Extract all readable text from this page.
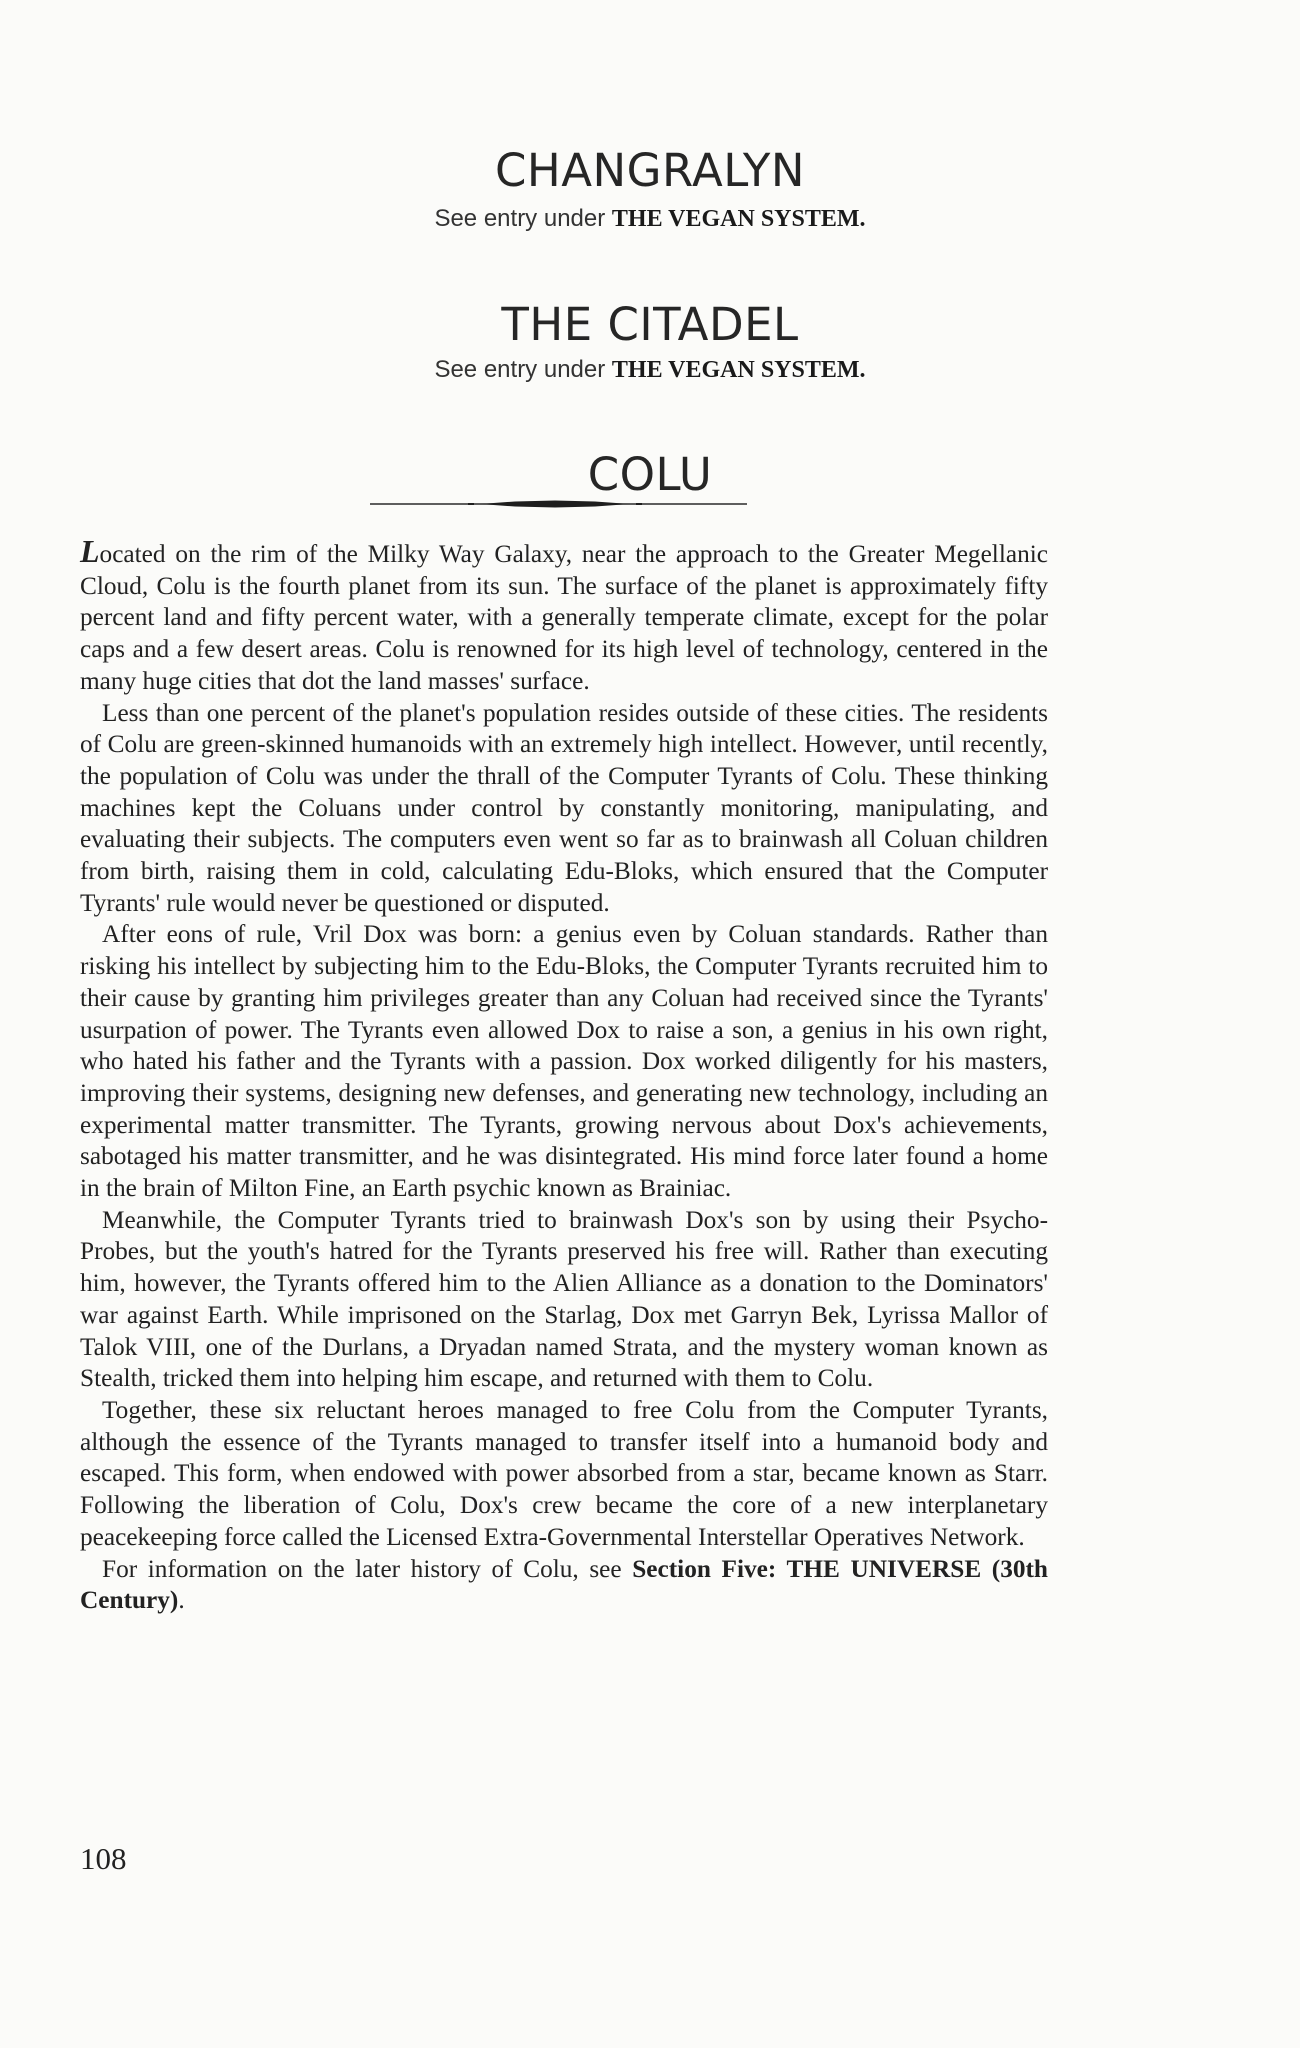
CHANGRALYN
See entry under THE VEGAN SYSTEM.
THE CITADEL
See entry under THE VEGAN SYSTEM.
COLU

Located on the rim of the Milky Way Galaxy, near the approach to the Greater Megellanic Cloud, Colu is the fourth planet from its sun. The surface of the planet is approximately fifty percent land and fifty percent water, with a generally temperate climate, except for the polar caps and a few desert areas. Colu is renowned for its high level of technology, centered in the many huge cities that dot the land masses' surface.

Less than one percent of the planet's population resides outside of these cities. The residents of Colu are green-skinned humanoids with an extremely high intellect. However, until recently, the population of Colu was under the thrall of the Computer Tyrants of Colu. These thinking machines kept the Coluans under control by constantly monitoring, manipulating, and evaluating their subjects. The computers even went so far as to brainwash all Coluan children from birth, raising them in cold, calculating Edu-Bloks, which ensured that the Computer Tyrants' rule would never be questioned or disputed.

After eons of rule, Vril Dox was born: a genius even by Coluan standards. Rather than risking his intellect by subjecting him to the Edu-Bloks, the Computer Tyrants recruited him to their cause by granting him privileges greater than any Coluan had received since the Tyrants' usurpation of power. The Tyrants even allowed Dox to raise a son, a genius in his own right, who hated his father and the Tyrants with a passion. Dox worked diligently for his masters, improving their systems, designing new defenses, and generating new technology, including an experimental matter transmitter. The Tyrants, growing nervous about Dox's achievements, sabotaged his matter transmitter, and he was disintegrated. His mind force later found a home in the brain of Milton Fine, an Earth psychic known as Brainiac.

Meanwhile, the Computer Tyrants tried to brainwash Dox's son by using their Psycho-Probes, but the youth's hatred for the Tyrants preserved his free will. Rather than executing him, however, the Tyrants offered him to the Alien Alliance as a donation to the Dominators' war against Earth. While imprisoned on the Starlag, Dox met Garryn Bek, Lyrissa Mallor of Talok VIII, one of the Durlans, a Dryadan named Strata, and the mystery woman known as Stealth, tricked them into helping him escape, and returned with them to Colu.

Together, these six reluctant heroes managed to free Colu from the Computer Tyrants, although the essence of the Tyrants managed to transfer itself into a humanoid body and escaped. This form, when endowed with power absorbed from a star, became known as Starr. Following the liberation of Colu, Dox's crew became the core of a new interplanetary peacekeeping force called the Licensed Extra-Governmental Interstellar Operatives Network.

For information on the later history of Colu, see Section Five: THE UNIVERSE (30th Century).

108
